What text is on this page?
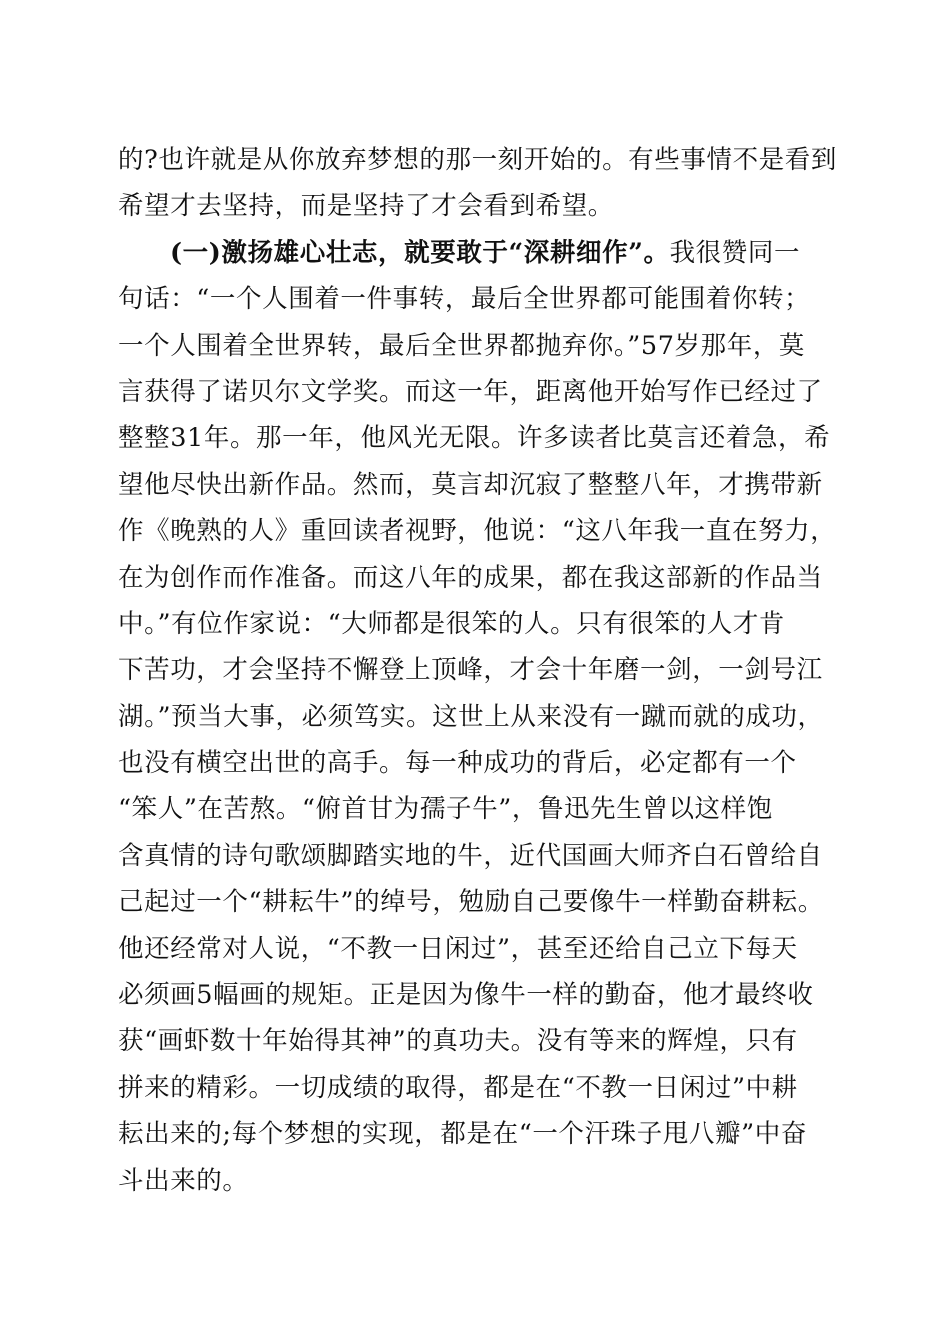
的?也许就是从你放弃梦想的那一刻开始的。有些事情不是看到
希望才去坚持，而是坚持了才会看到希望。
(一)激扬雄心壮志，就要敢于“深耕细作”。我很赞同一
句话：“一个人围着一件事转，最后全世界都可能围着你转；
一个人围着全世界转，最后全世界都抛弃你。”57岁那年，莫
言获得了诺贝尔文学奖。而这一年，距离他开始写作已经过了
整整31年。那一年，他风光无限。许多读者比莫言还着急，希
望他尽快出新作品。然而，莫言却沉寂了整整八年，才携带新
作《晚熟的人》重回读者视野，他说：“这八年我一直在努力，
在为创作而作准备。而这八年的成果，都在我这部新的作品当
中。”有位作家说：“大师都是很笨的人。只有很笨的人才肯
下苦功，才会坚持不懈登上顶峰，才会十年磨一剑，一剑号江
湖。”预当大事，必须笃实。这世上从来没有一蹴而就的成功，
也没有横空出世的高手。每一种成功的背后，必定都有一个
“笨人”在苦熬。“俯首甘为孺子牛”，鲁迅先生曾以这样饱
含真情的诗句歌颂脚踏实地的牛，近代国画大师齐白石曾给自
己起过一个“耕耘牛”的绰号，勉励自己要像牛一样勤奋耕耘。
他还经常对人说，“不教一日闲过”，甚至还给自己立下每天
必须画5幅画的规矩。正是因为像牛一样的勤奋，他才最终收
获“画虾数十年始得其神”的真功夫。没有等来的辉煌，只有
拼来的精彩。一切成绩的取得，都是在“不教一日闲过”中耕
耘出来的;每个梦想的实现，都是在“一个汗珠子甩八瓣”中奋
斗出来的。
